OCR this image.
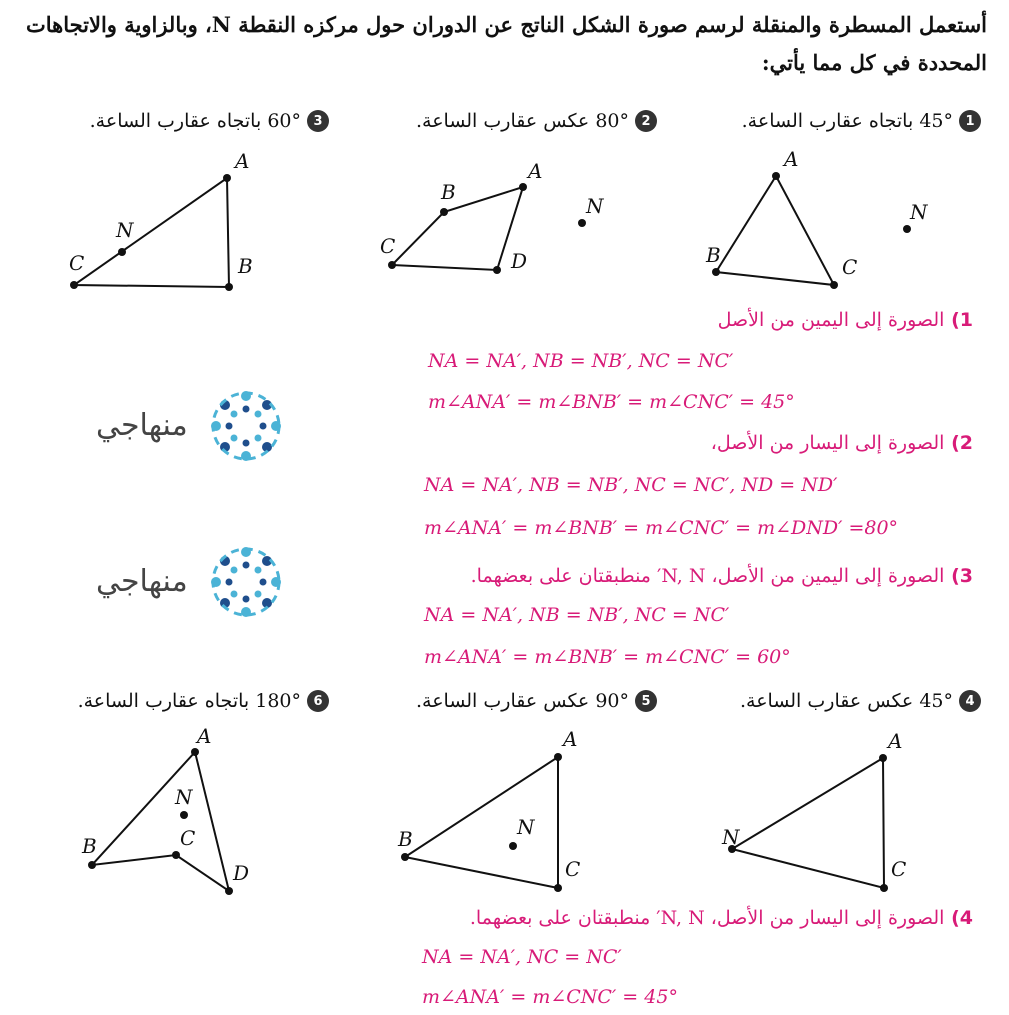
أستعمل المسطرة والمنقلة لرسم صورة الشكل الناتج عن الدوران حول مركزه النقطة N، وبالزاوية والاتجاهات المحددة في كل مما يأتي:
1
45° باتجاه عقارب الساعة.
2
80° عكس عقارب الساعة.
3
60° باتجاه عقارب الساعة.
4
45° عكس عقارب الساعة.
5
90° عكس عقارب الساعة.
6
180° باتجاه عقارب الساعة.
A
B	C
N
A
B
C
D
N
A
B
C
N
A
C
N
A
C
B	N
A
D
C
B
N
منهاجي
منهاجي
1) الصورة إلى اليمين من الأصل
NA = NA′, NB = NB′, NC = NC′
m∠ANA′ = m∠BNB′ = m∠CNC′ = 45°
2) الصورة إلى اليسار من الأصل،
NA = NA′, NB = NB′, NC = NC′, ND = ND′
m∠ANA′ = m∠BNB′ = m∠CNC′ = m∠DND′ =80°
3) الصورة إلى اليمين من الأصل، N, N′ منطبقتان على بعضهما.
NA = NA′, NB = NB′, NC = NC′
m∠ANA′ = m∠BNB′ = m∠CNC′ = 60°
4) الصورة إلى اليسار من الأصل، N, N′ منطبقتان على بعضهما.
NA = NA′, NC = NC′
m∠ANA′ = m∠CNC′ = 45°
